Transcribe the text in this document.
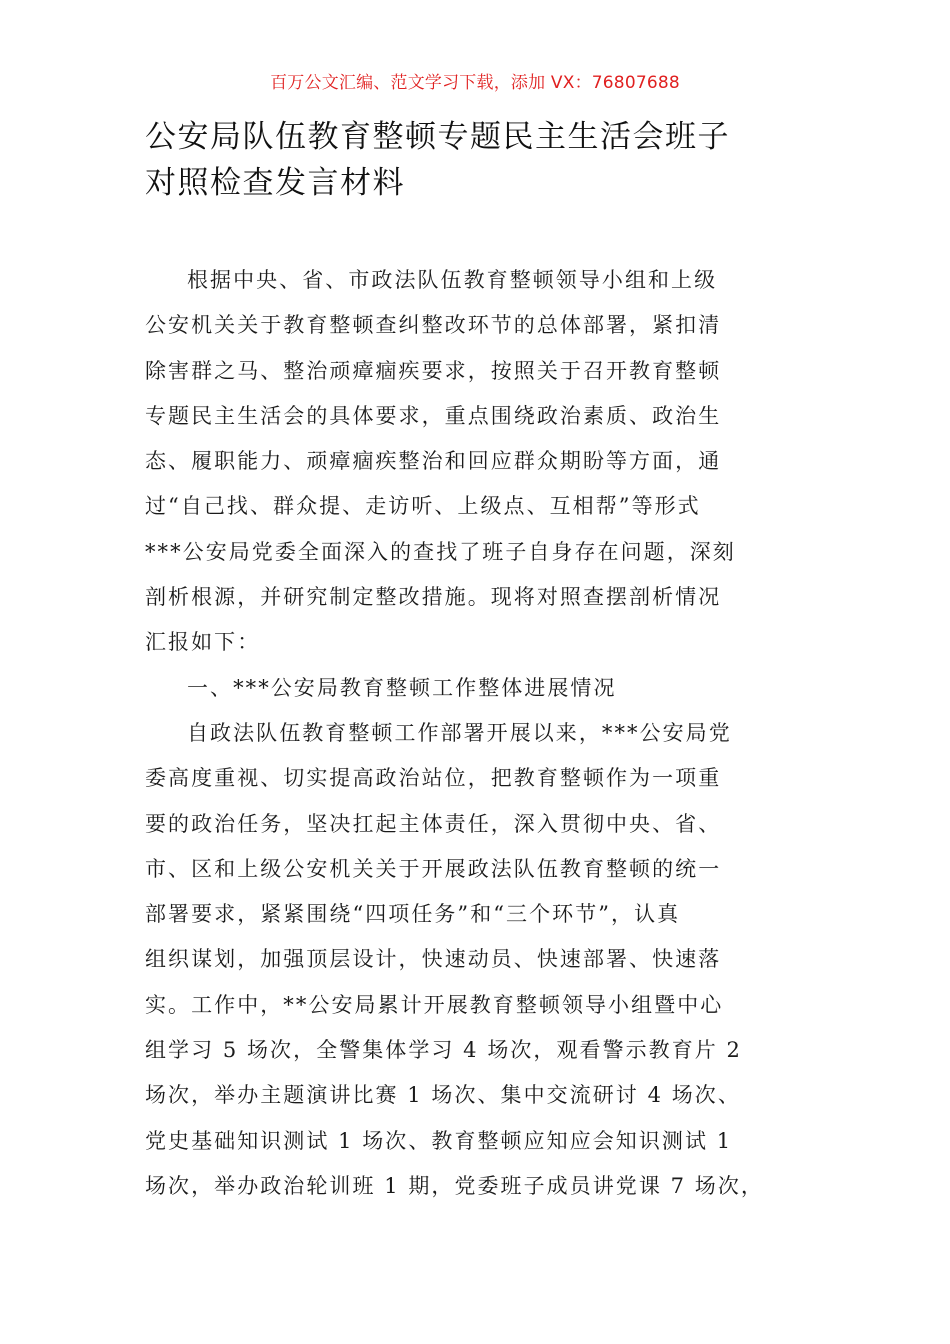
百万公文汇编、范文学习下载，添加 VX：76807688
公安局队伍教育整顿专题民主生活会班子
对照检查发言材料
根据中央、省、市政法队伍教育整顿领导小组和上级
公安机关关于教育整顿查纠整改环节的总体部署，紧扣清
除害群之马、整治顽瘴痼疾要求，按照关于召开教育整顿
专题民主生活会的具体要求，重点围绕政治素质、政治生
态、履职能力、顽瘴痼疾整治和回应群众期盼等方面，通
过“自己找、群众提、走访听、上级点、互相帮”等形式
***公安局党委全面深入的查找了班子自身存在问题，深刻
剖析根源，并研究制定整改措施。现将对照查摆剖析情况
汇报如下：
一、***公安局教育整顿工作整体进展情况
自政法队伍教育整顿工作部署开展以来，***公安局党
委高度重视、切实提高政治站位，把教育整顿作为一项重
要的政治任务，坚决扛起主体责任，深入贯彻中央、省、
市、区和上级公安机关关于开展政法队伍教育整顿的统一
部署要求，紧紧围绕“四项任务”和“三个环节”，认真
组织谋划，加强顶层设计，快速动员、快速部署、快速落
实。工作中，**公安局累计开展教育整顿领导小组暨中心
组学习 5 场次，全警集体学习 4 场次，观看警示教育片 2
场次，举办主题演讲比赛 1 场次、集中交流研讨 4 场次、
党史基础知识测试 1 场次、教育整顿应知应会知识测试 1
场次，举办政治轮训班 1 期，党委班子成员讲党课 7 场次，
